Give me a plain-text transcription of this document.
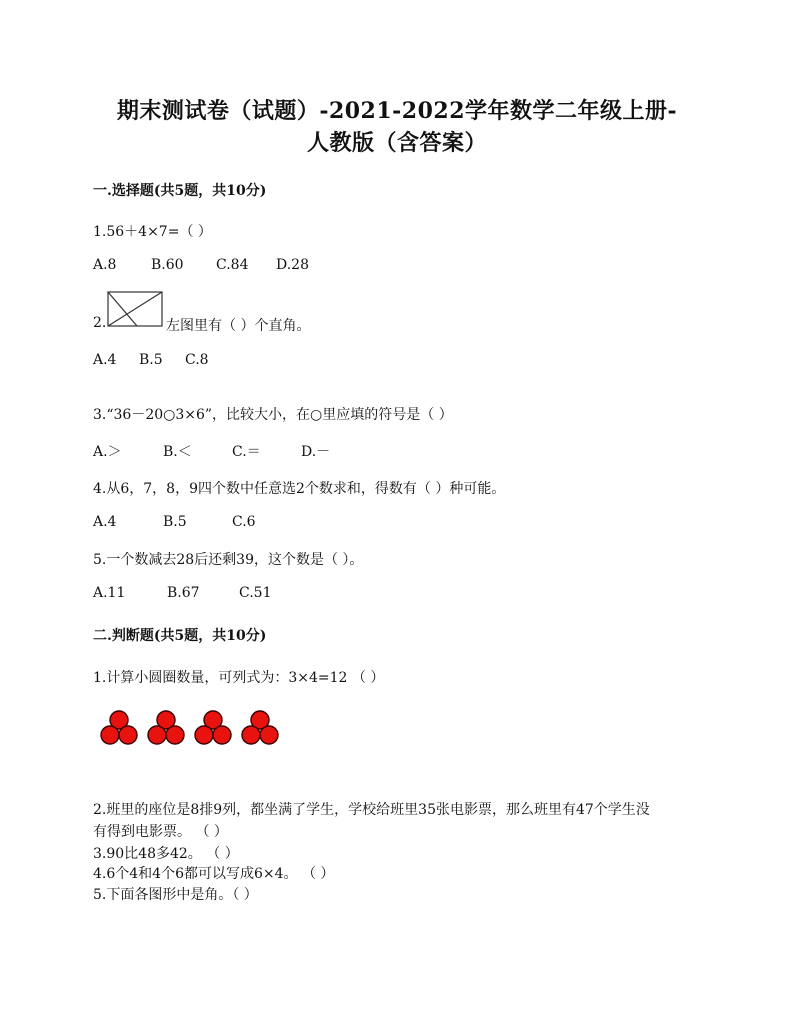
期末测试卷（试题）-2021-2022学年数学二年级上册-
人教版（含答案）
一.选择题(共5题，共10分)
1.56＋4×7=（ ）
A.8 B.60 C.84 D.28
2.	左图里有（ ）个直角。
A.4 B.5 C.8
3.“36－20○3×6”，比较大小，在○里应填的符号是（ ）
A.＞	B.＜	C.＝	D.－
4.从6，7，8，9四个数中任意选2个数求和，得数有（ ）种可能。
A.4	B.5	C.6
5.一个数减去28后还剩39，这个数是（ ）。
A.11	B.67	C.51
二.判断题(共5题，共10分)
1.计算小圆圈数量，可列式为：3×4=12 （ ）
2.班里的座位是8排9列，都坐满了学生，学校给班里35张电影票，那么班里有47个学生没
有得到电影票。 （ ）
3.90比48多42。 （ ）
4.6个4和4个6都可以写成6×4。 （ ）
5.下面各图形中是角。（ ）
